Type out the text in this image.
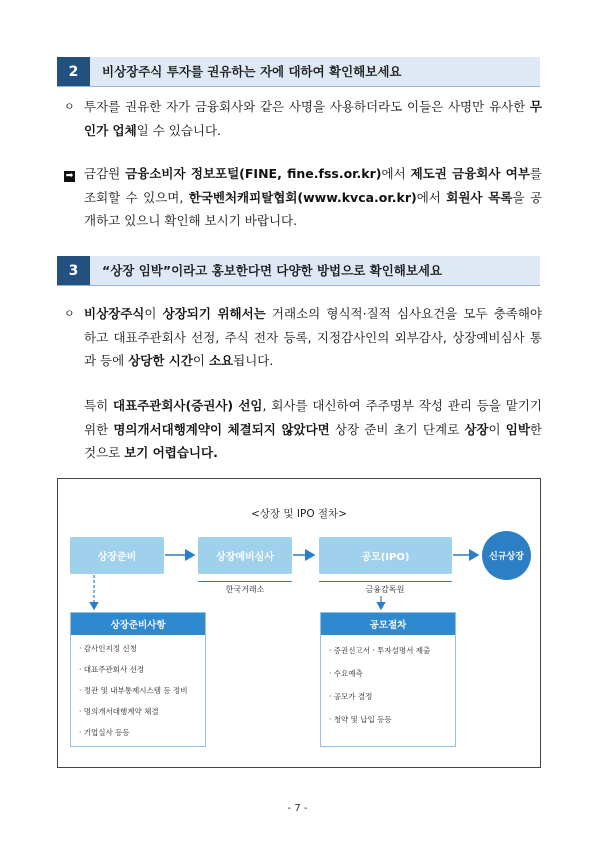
2	비상장주식 투자를 권유하는 자에 대하여 확인해보세요
ㅇ 투자를 권유한 자가 금융회사와 같은 사명을 사용하더라도 이들은 사명만 유사한 무인가 업체일 수 있습니다.
➡ 금감원 금융소비자 정보포털(FINE, fine.fss.or.kr)에서 제도권 금융회사 여부를 조회할 수 있으며, 한국벤처캐피탈협회(www.kvca.or.kr)에서 회원사 목록을 공개하고 있으니 확인해 보시기 바랍니다.
3	“상장 임박”이라고 홍보한다면 다양한 방법으로 확인해보세요
ㅇ 비상장주식이 상장되기 위해서는 거래소의 형식적·질적 심사요건을 모두 충족해야 하고 대표주관회사 선정, 주식 전자 등록, 지정감사인의 외부감사, 상장예비심사 통과 등에 상당한 시간이 소요됩니다.
특히 대표주관회사(증권사) 선임, 회사를 대신하여 주주명부 작성 관리 등을 맡기기 위한 명의개서대행계약이 체결되지 않았다면 상장 준비 초기 단계로 상장이 임박한 것으로 보기 어렵습니다.
<상장 및 IPO 절차>
상장준비	상장예비심사	공모(IPO)	신규상장
한국거래소	금융감독원
상장준비사항
· 감사인지정 신청
· 대표주관회사 선정
· 정관 및 내부통제시스템 등 정비
· 명의개서대행계약 체결
· 기업실사 등등
공모절차
· 증권신고서 · 투자설명서 제출
· 수요예측
· 공모가 결정
· 청약 및 납입 등등
- 7 -
